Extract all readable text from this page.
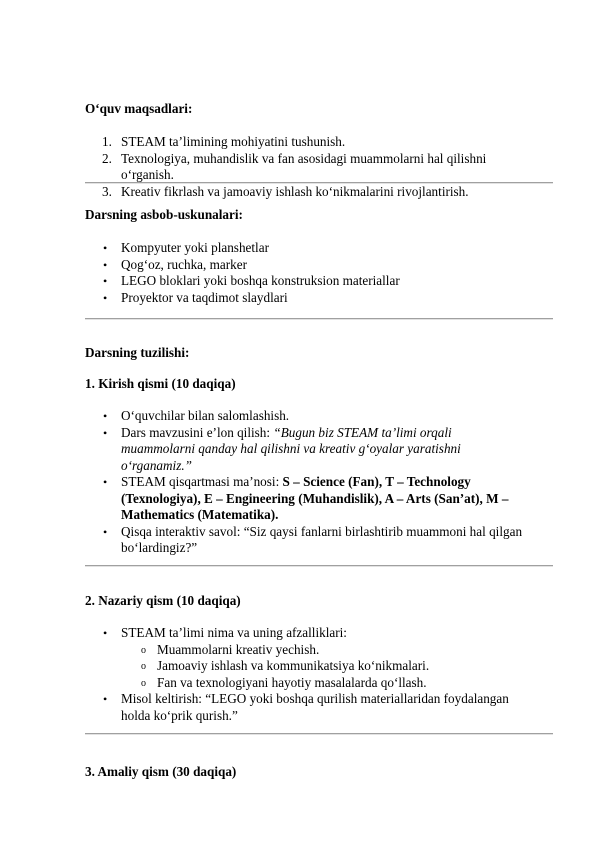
O‘quv maqsadlari:

1. STEAM ta’limining mohiyatini tushunish.
2. Texnologiya, muhandislik va fan asosidagi muammolarni hal qilishni
o‘rganish.
3. Kreativ fikrlash va jamoaviy ishlash ko‘nikmalarini rivojlantirish.

Darsning asbob-uskunalari:

• Kompyuter yoki planshetlar
• Qog‘oz, ruchka, marker
• LEGO bloklari yoki boshqa konstruksion materiallar
• Proyektor va taqdimot slaydlari

Darsning tuzilishi:

1. Kirish qismi (10 daqiqa)

• O‘quvchilar bilan salomlashish.
• Dars mavzusini e’lon qilish: “Bugun biz STEAM ta’limi orqali
muammolarni qanday hal qilishni va kreativ g‘oyalar yaratishni
o‘rganamiz.”
• STEAM qisqartmasi ma’nosi: S – Science (Fan), T – Technology
(Texnologiya), E – Engineering (Muhandislik), A – Arts (San’at), M –
Mathematics (Matematika).
• Qisqa interaktiv savol: “Siz qaysi fanlarni birlashtirib muammoni hal qilgan
bo‘lardingiz?”

2. Nazariy qism (10 daqiqa)

• STEAM ta’limi nima va uning afzalliklari:
o Muammolarni kreativ yechish.
o Jamoaviy ishlash va kommunikatsiya ko‘nikmalari.
o Fan va texnologiyani hayotiy masalalarda qo‘llash.
• Misol keltirish: “LEGO yoki boshqa qurilish materiallaridan foydalangan
holda ko‘prik qurish.”

3. Amaliy qism (30 daqiqa)
